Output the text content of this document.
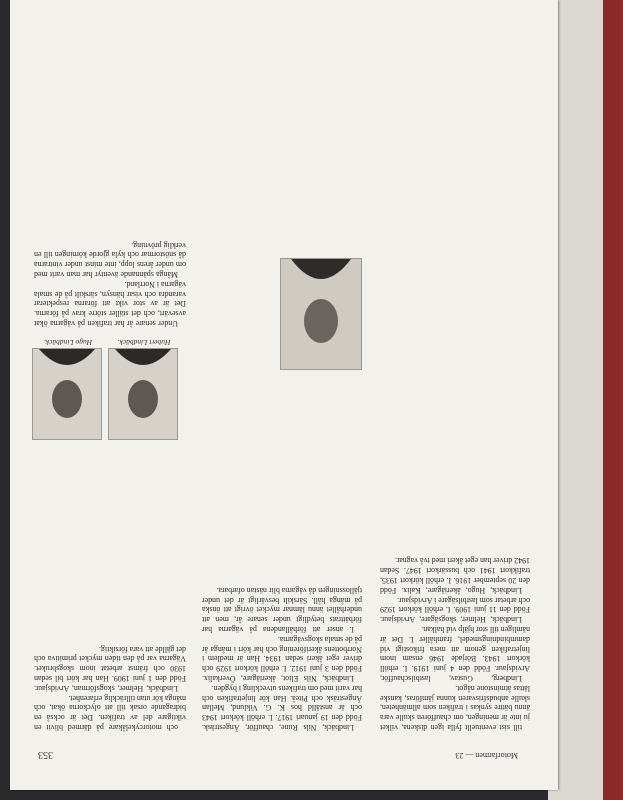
Motorfarmen — 23
353

till sist eventuellt fylla igen diskena, vilket ju inte är meningen, om chauffören skulle vara ännu bättre synkas i trafiken som allmänheten, skulle anbudsfrisvaren kunna jämföras, kanske lättas åtminstone något.

Lindberg, Gustav, lastbilschaufför, Arvidsjaur. Född den 4 juni 1919. I. erhöll körkort 1943. Började 1946 ensam inom linjetrafiken genom att mera frikostigt vid dammbindningsmedel, framhåller I. Det är nämligen till stor hjälp vid halkan.

Lindbäck, Helmer, skogsägare, Arvidsjaur. Född den 11 juni 1909. I. erhöll körkort 1929 och arbetar som lastbilsägare i Arvidsjaur.

Lindbäck, Hugo, åkeriägare, Kalix. Född den 20 september 1916. I. erhöll körkort 1935, trafikkort 1941 och bussärkort 1947. Sedan 1942 driver han eget åkeri med två vagnar.

Lindbäck, Nils Rune, chaufför, Ängesträsk. Född den 19 januari 1917. I. erhöll körkort 1943 och är anställd hos K. G. Viklund, Mellan Ängesträsk och Piteå. Han kör linjetrafiken och har varit med om trafikens utveckling i bygden.

Lindbäck, Nils Eliot, åkeriägare, Överkalix. Född den 3 juni 1912. I. erhöll körkort 1929 och driver eget åkeri sedan 1934. Han är medlem i Norrbottens åkeriförening och har kört i många år på de smala skogsvägarna.

I. anser att förhållandena på vägarna har förbättrats betydligt under senare år, men att underhållet ännu lämnar mycket övrigt att önska på många håll. Särskilt besvärligt är det under tjällossningen då vägarna blir nästan ofarbara.

Hubert Lindbäck.
Hugo Lindbäck.

och motorcykelåkare på därmed blivit en viktigare del av trafiken. Det är också en bidragande orsak till att olyckorna ökat, och många kör utan tillräcklig erfarenhet.

Lindbäck, Helmer, skogsförman, Arvidsjaur. Född den 1 juni 1909. Han har kört bil sedan 1930 och främst arbetat inom skogsbruket. Vägarna var på den tiden mycket primitiva och det gällde att vara försiktig.

Under senare år har trafiken på vägarna ökat avsevärt, och det ställer större krav på förarna. Det är av stor vikt att förarna respekterar varandra och visar hänsyn, särskilt på de smala vägarna i Norrland.

Många spännande äventyr har man varit med om under årens lopp, inte minst under vintrarna då snöstormar och kyla gjorde körningen till en verklig prövning.
